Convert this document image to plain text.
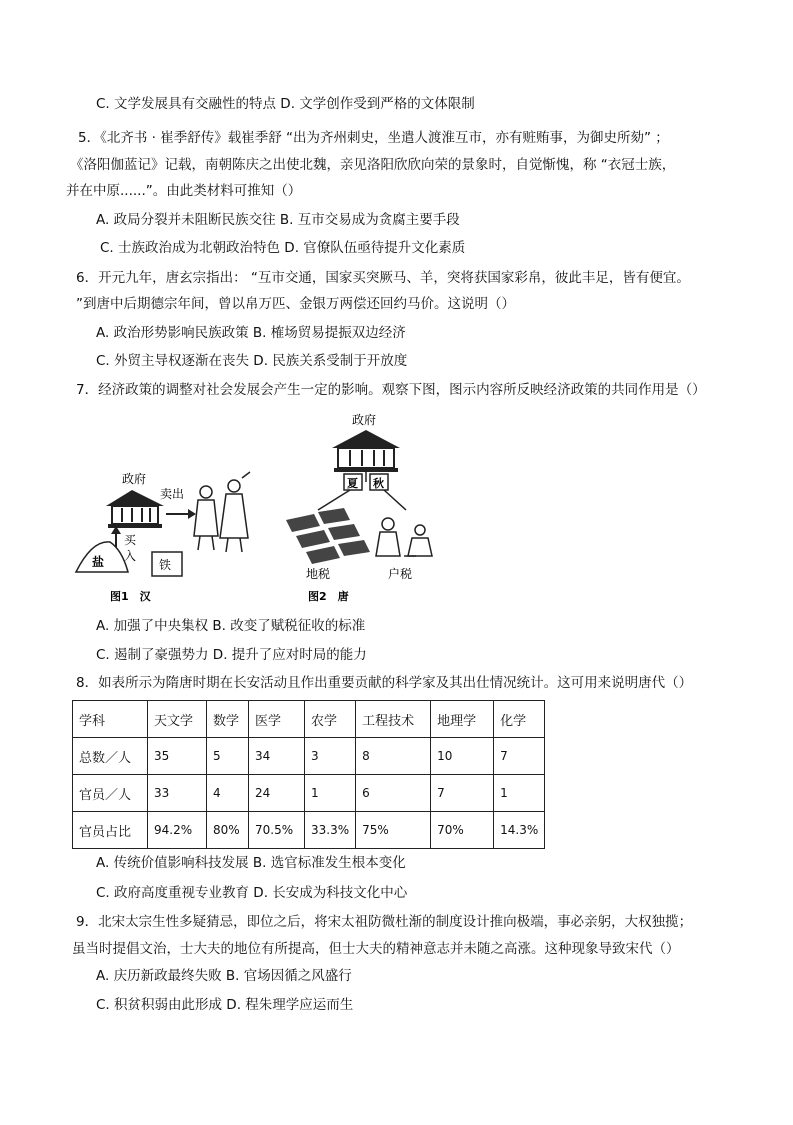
C. 文学发展具有交融性的特点 D. 文学创作受到严格的文体限制
5．《北齐书 · 崔季舒传》载崔季舒 “出为齐州刺史，坐遣人渡淮互市，亦有赃贿事，为御史所劾” ；
《洛阳伽蓝记》记载，南朝陈庆之出使北魏，亲见洛阳欣欣向荣的景象时，自觉惭愧，称 “衣冠士族，
并在中原......”。由此类材料可推知（）
A. 政局分裂并未阻断民族交往 B. 互市交易成为贪腐主要手段
C. 士族政治成为北朝政治特色 D. 官僚队伍亟待提升文化素质
6．开元九年，唐玄宗指出： “互市交通，国家买突厥马、羊，突将获国家彩帛，彼此丰足，皆有便宜。
”到唐中后期德宗年间，曾以帛万匹、金银万两偿还回约马价。这说明（）
A. 政治形势影响民族政策 B. 榷场贸易提振双边经济
C. 外贸主导权逐渐在丧失 D. 民族关系受制于开放度
7．经济政策的调整对社会发展会产生一定的影响。观察下图，图示内容所反映经济政策的共同作用是（）
政府
卖出
买
入
盐	铁
图1　汉
政府
夏 秋
地税	户税
图2　唐
A. 加强了中央集权 B. 改变了赋税征收的标准
C. 遏制了豪强势力 D. 提升了应对时局的能力
8．如表所示为隋唐时期在长安活动且作出重要贡献的科学家及其出仕情况统计。这可用来说明唐代（）
学科	天文学	数学	医学	农学	工程技术	地理学	化学
总数／人	35	5	34	3	8	10	7
官员／人	33	4	24	1	6	7	1
官员占比	94.2%	80%	70.5%	33.3%	75%	70%	14.3%
A. 传统价值影响科技发展 B. 选官标准发生根本变化
C. 政府高度重视专业教育 D. 长安成为科技文化中心
9．北宋太宗生性多疑猜忌，即位之后，将宋太祖防微杜渐的制度设计推向极端，事必亲躬，大权独揽；
虽当时提倡文治，士大夫的地位有所提高，但士大夫的精神意志并未随之高涨。这种现象导致宋代（）
A. 庆历新政最终失败 B. 官场因循之风盛行
C. 积贫积弱由此形成 D. 程朱理学应运而生
